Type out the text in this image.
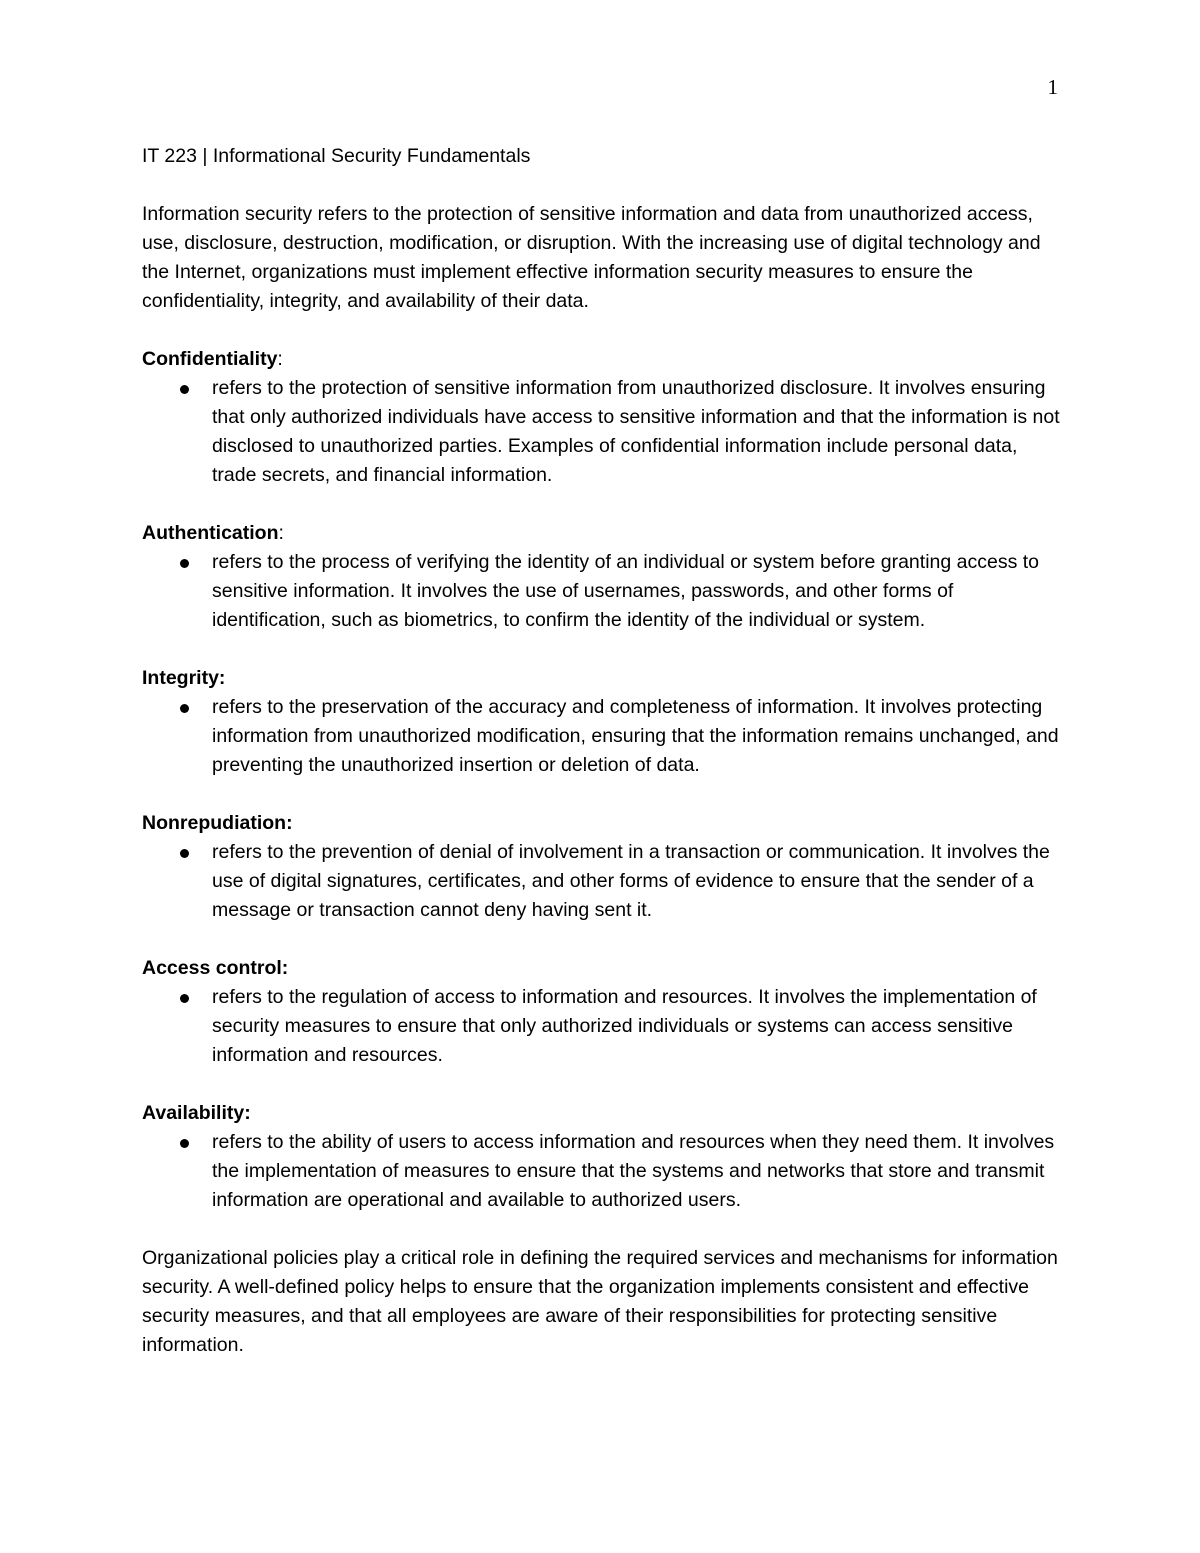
1

IT 223 | Informational Security Fundamentals

Information security refers to the protection of sensitive information and data from unauthorized access, use, disclosure, destruction, modification, or disruption. With the increasing use of digital technology and the Internet, organizations must implement effective information security measures to ensure the confidentiality, integrity, and availability of their data.

Confidentiality:

refers to the protection of sensitive information from unauthorized disclosure. It involves ensuring that only authorized individuals have access to sensitive information and that the information is not disclosed to unauthorized parties. Examples of confidential information include personal data, trade secrets, and financial information.

Authentication:

refers to the process of verifying the identity of an individual or system before granting access to sensitive information. It involves the use of usernames, passwords, and other forms of identification, such as biometrics, to confirm the identity of the individual or system.

Integrity:

refers to the preservation of the accuracy and completeness of information. It involves protecting information from unauthorized modification, ensuring that the information remains unchanged, and preventing the unauthorized insertion or deletion of data.

Nonrepudiation:

refers to the prevention of denial of involvement in a transaction or communication. It involves the use of digital signatures, certificates, and other forms of evidence to ensure that the sender of a message or transaction cannot deny having sent it.

Access control:

refers to the regulation of access to information and resources. It involves the implementation of security measures to ensure that only authorized individuals or systems can access sensitive information and resources.

Availability:

refers to the ability of users to access information and resources when they need them. It involves the implementation of measures to ensure that the systems and networks that store and transmit information are operational and available to authorized users.

Organizational policies play a critical role in defining the required services and mechanisms for information security. A well-defined policy helps to ensure that the organization implements consistent and effective security measures, and that all employees are aware of their responsibilities for protecting sensitive information.
